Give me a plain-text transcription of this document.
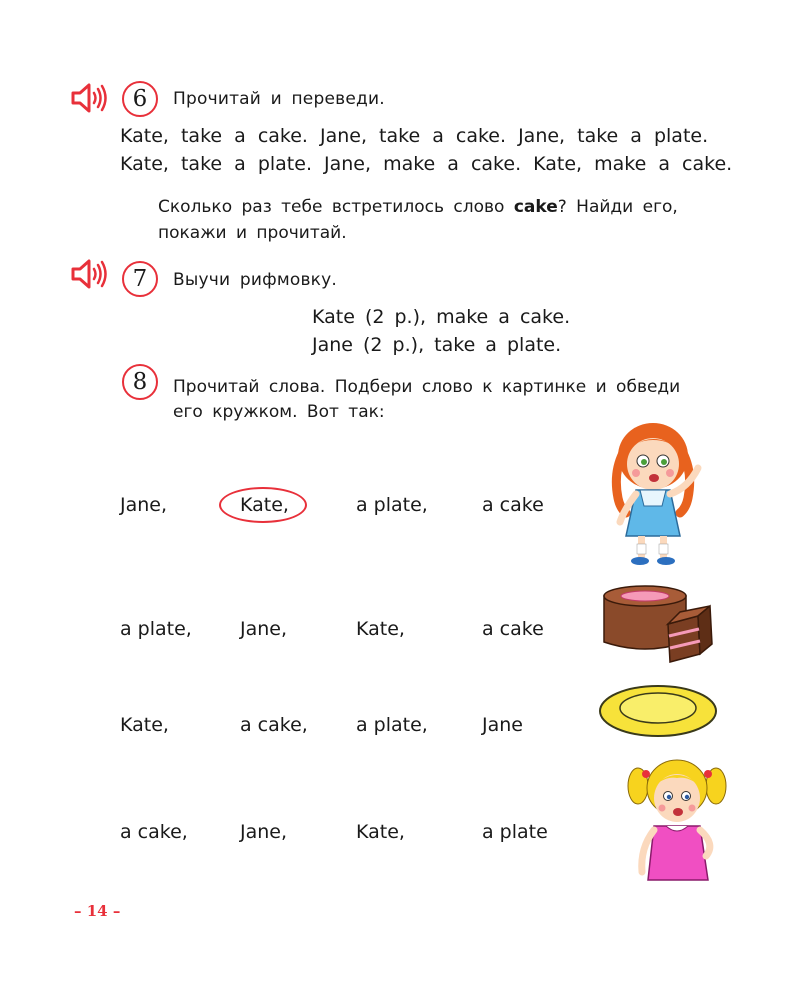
6 Прочитай и переведи.
Kate, take a cake. Jane, take a cake. Jane, take a plate.
Kate, take a plate. Jane, make a cake. Kate, make a cake.
Сколько раз тебе встретилось слово cake? Найди его,
покажи и прочитай.
7 Выучи рифмовку.
Kate (2 р.), make a cake.
Jane (2 р.), take a plate.
8 Прочитай слова. Подбери слово к картинке и обведи
его кружком. Вот так:
Jane,	Kate,	a plate,	a cake
a plate,	Jane,	Kate,	a cake
Kate,	a cake,	a plate,	Jane
a cake,	Jane,	Kate,	a plate
– 14 –
